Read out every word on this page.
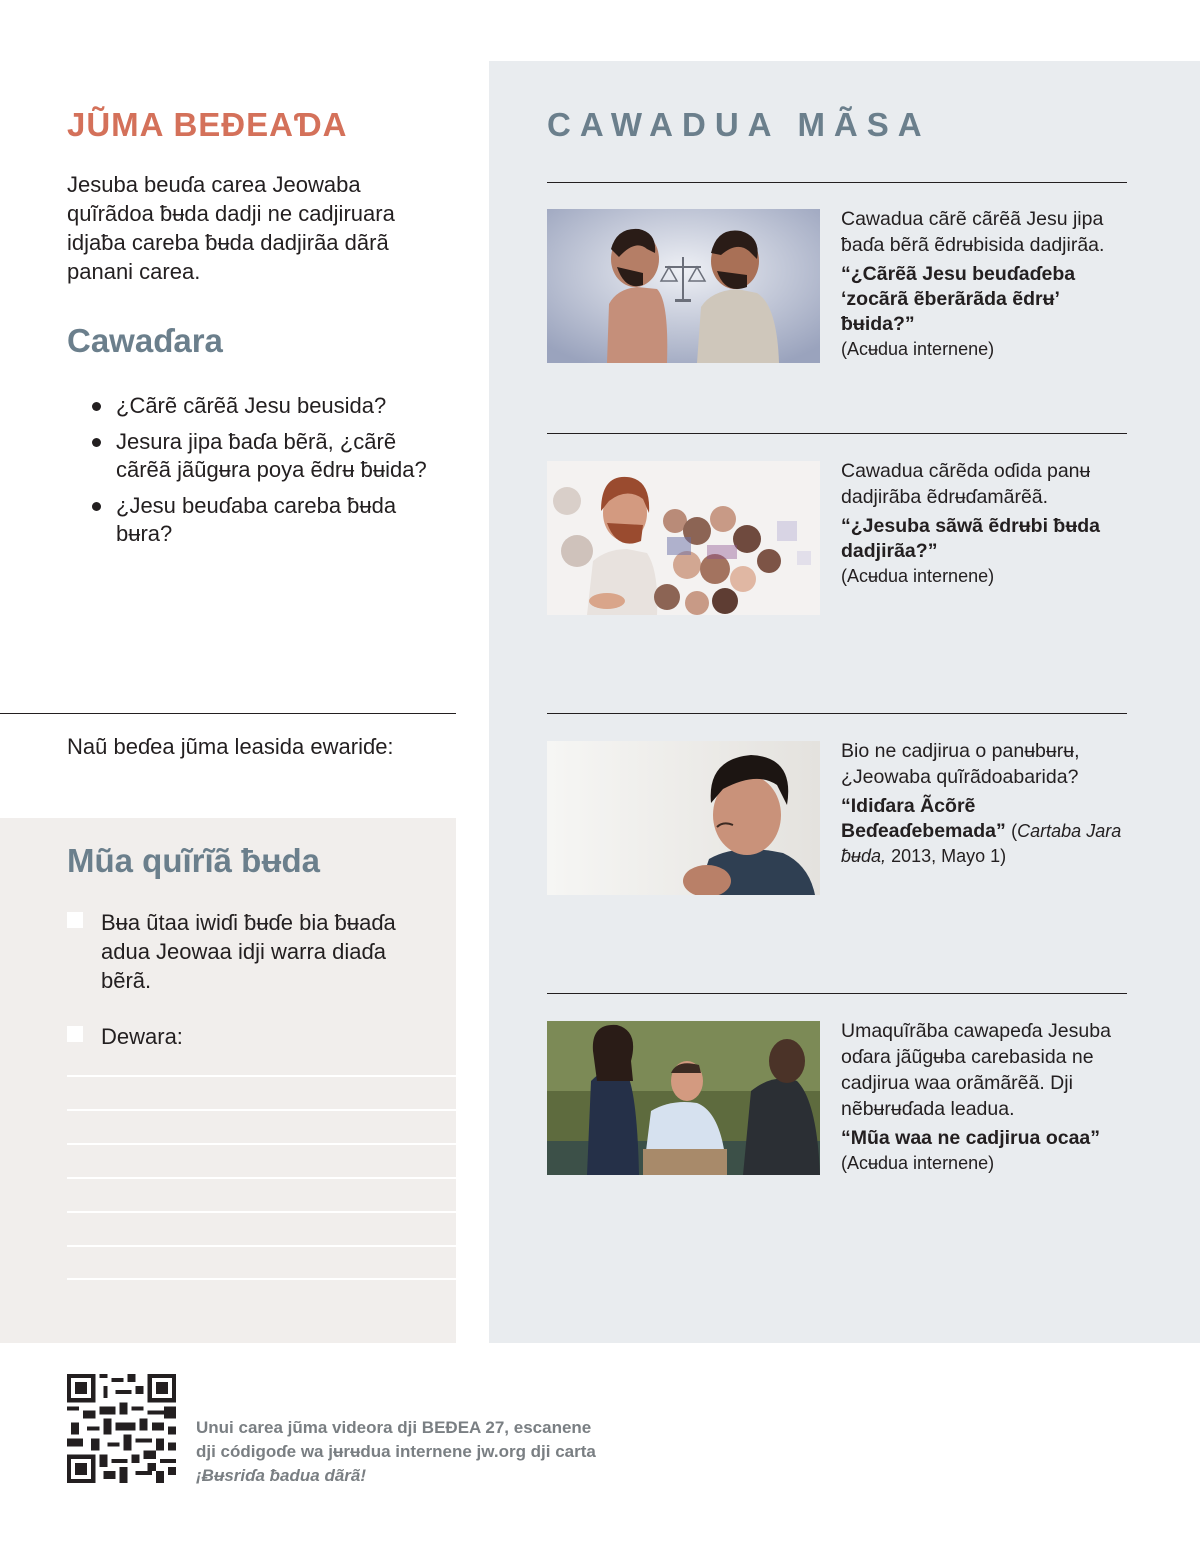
JŨMA BEƉEAƊA

Jesuba beuɗa carea Jeowaba quĩrãdoa ƀʉda dadji ne cadjiruara idjaƀa careba ƀʉda dadjirãa dãrã panani carea.

Cawaɗara
¿Cãrẽ cãrẽã Jesu beusida?
Jesura jipa ƀaɗa bẽrã, ¿cãrẽ cãrẽã jãũgʉra poya ẽdrʉ ƀʉida?
¿Jesu beuɗaba careba ƀʉda bʉra?

Naũ beɗea jũma leasida ewariɗe:

Mũa quĩrĩã ƀʉda
Bʉa ũtaa iwiɗi ƀʉɗe bia ƀʉaɗa adua Jeowaa idji warra diaɗa bẽrã.
Dewara:
CAWADUA MÃSA

Cawadua cãrẽ cãrẽã Jesu jipa ƀaɗa bẽrã ẽdrʉbisida dadjirãa.

“¿Cãrẽã Jesu beuɗaɗeba ‘zocãrã ẽberãrãda ẽdrʉ’ ƀʉida?”
(Acʉdua internene)

Cawadua cãrẽda oɗida panʉ dadjirãba ẽdrʉɗamãrẽã.

“¿Jesuba sãwã ẽdrʉbi ƀʉda dadjirãa?”
(Acʉdua internene)

Bio ne cadjirua o panʉbʉrʉ, ¿Jeowaba quĩrãdoabarida?

“Idiɗara Ãcõrẽ Beɗeaɗebemada” (Cartaba Jara ƀʉda, 2013, Mayo 1)

Umaquĩrãba cawapeɗa Jesuba oɗara jãũgʉba carebasida ne cadjirua waa orãmãrẽã. Dji nẽbʉrʉɗada leadua.

“Mũa waa ne cadjirua ocaa”
(Acʉdua internene)

Unui carea jũma videora dji BEƉEA 27, escanene
dji códigoɗe wa jʉrʉdua internene jw.org dji carta
¡Ƀʉsriɗa ƀadua dãrã!
